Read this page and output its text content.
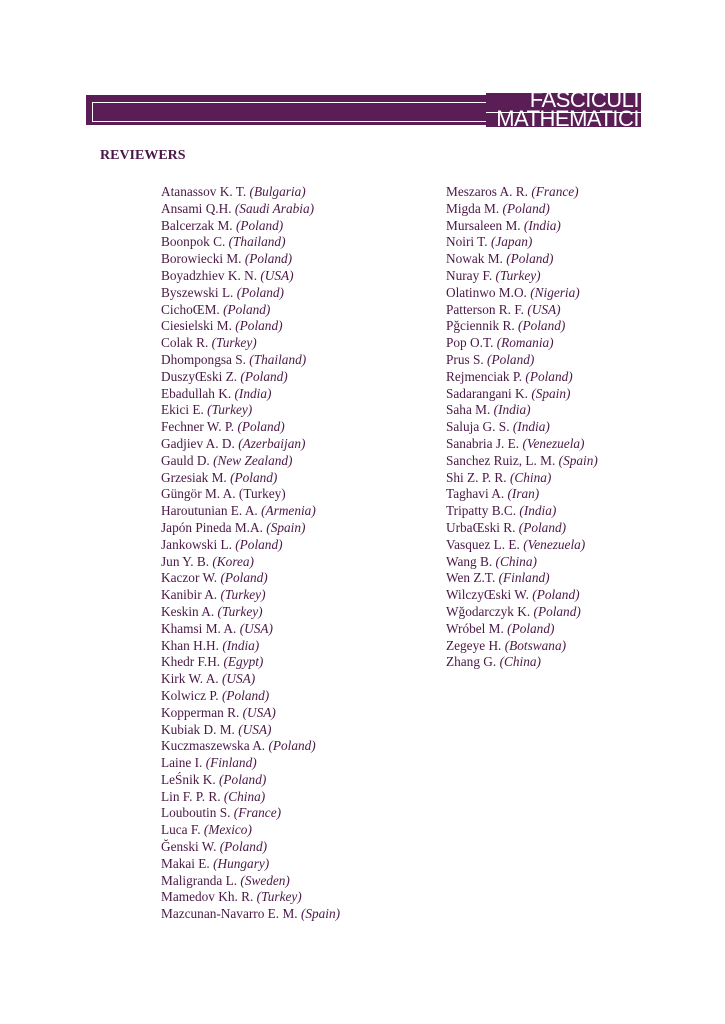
FASCICULI
MATHEMATICI
REVIEWERS
Atanassov K. T. (Bulgaria)
Ansami Q.H. (Saudi Arabia)
Balcerzak M. (Poland)
Boonpok C. (Thailand)
Borowiecki M. (Poland)
Boyadzhiev K. N. (USA)
Byszewski L. (Poland)
CichoŒM. (Poland)
Ciesielski M. (Poland)
Colak R. (Turkey)
Dhompongsa S. (Thailand)
DuszyŒski Z. (Poland)
Ebadullah K. (India)
Ekici E. (Turkey)
Fechner W. P. (Poland)
Gadjiev A. D. (Azerbaijan)
Gauld D. (New Zealand)
Grzesiak M. (Poland)
Güngör M. A. (Turkey)
Haroutunian E. A. (Armenia)
Japón Pineda M.A. (Spain)
Jankowski L. (Poland)
Jun Y. B. (Korea)
Kaczor W. (Poland)
Kanibir A. (Turkey)
Keskin A. (Turkey)
Khamsi M. A. (USA)
Khan H.H. (India)
Khedr F.H. (Egypt)
Kirk W. A. (USA)
Kolwicz P. (Poland)
Kopperman R. (USA)
Kubiak D. M. (USA)
Kuczmaszewska A. (Poland)
Laine I. (Finland)
LeŚnik K. (Poland)
Lin F. P. R. (China)
Louboutin S. (France)
Luca F. (Mexico)
Ğenski W. (Poland)
Makai E. (Hungary)
Maligranda L. (Sweden)
Mamedov Kh. R. (Turkey)
Mazcunan-Navarro E. M. (Spain)
Meszaros A. R. (France)
Migda M. (Poland)
Mursaleen M. (India)
Noiri T. (Japan)
Nowak M. (Poland)
Nuray F. (Turkey)
Olatinwo M.O. (Nigeria)
Patterson R. F. (USA)
Pğciennik R. (Poland)
Pop O.T. (Romania)
Prus S. (Poland)
Rejmenciak P. (Poland)
Sadarangani K. (Spain)
Saha M. (India)
Saluja G. S. (India)
Sanabria J. E. (Venezuela)
Sanchez Ruiz, L. M. (Spain)
Shi Z. P. R. (China)
Taghavi A. (Iran)
Tripatty B.C. (India)
UrbaŒski R. (Poland)
Vasquez L. E. (Venezuela)
Wang B. (China)
Wen Z.T. (Finland)
WilczyŒski W. (Poland)
Wğodarczyk K. (Poland)
Wróbel M. (Poland)
Zegeye H. (Botswana)
Zhang G. (China)
